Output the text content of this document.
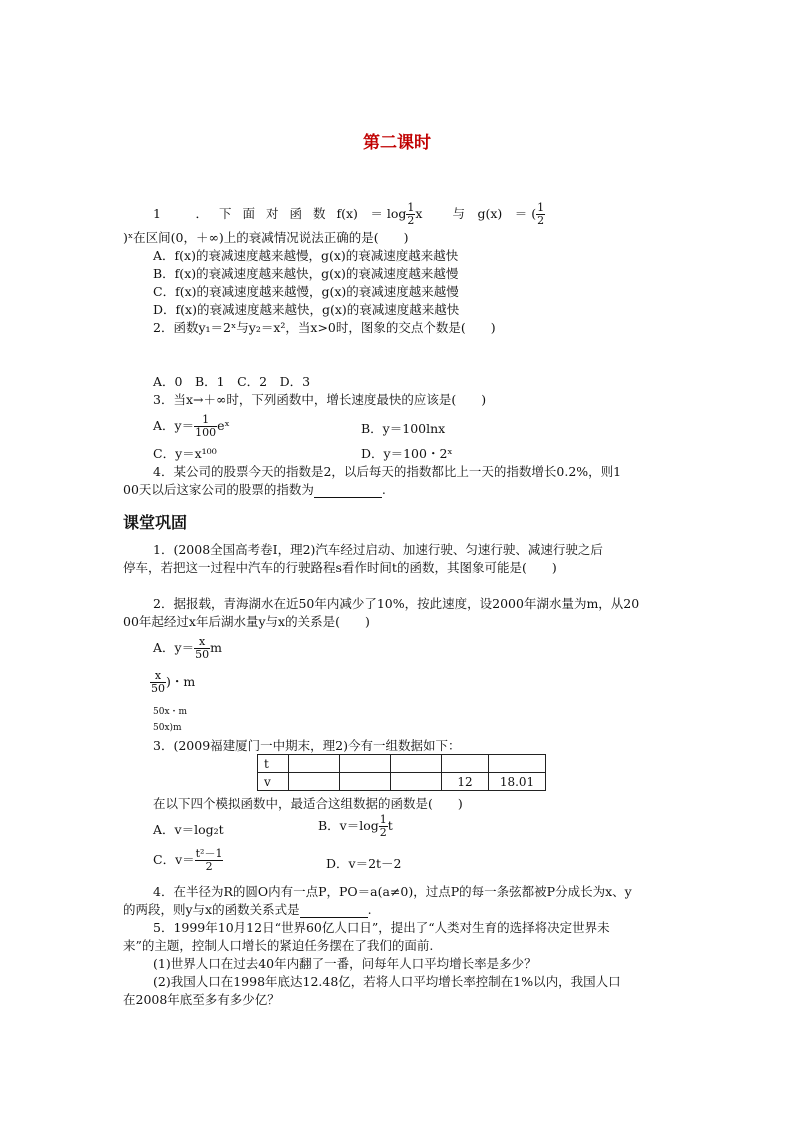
第二课时
1　．下面对函数f(x)　＝ $\log \frac{1}{2}$ x 与　g(x)　＝ ( $\frac{1}{2}$
)ˣ在区间(0，＋∞)上的衰减情况说法正确的是(　　)
A．f(x)的衰减速度越来越慢，g(x)的衰减速度越来越快
B．f(x)的衰减速度越来越快，g(x)的衰减速度越来越慢
C．f(x)的衰减速度越来越慢，g(x)的衰减速度越来越慢
D．f(x)的衰减速度越来越快，g(x)的衰减速度越来越快
2．函数y₁＝2ˣ与y₂＝x²，当x>0时，图象的交点个数是(　　)
A．0　B．1　C．2　D．3
3．当x→＋∞时，下列函数中，增长速度最快的应该是(　　)
A．$y= \frac{1}{100}$ eˣ	B．y＝100lnx
C．y＝x¹⁰⁰	D．y＝100・2ˣ
4．某公司的股票今天的指数是2，以后每天的指数都比上一天的指数增长0.2%，则1
00天以后这家公司的股票的指数为	.
课堂巩固
1．(2008全国高考卷Ⅰ，理2)汽车经过启动、加速行驶、匀速行驶、减速行驶之后
停车，若把这一过程中汽车的行驶路程s看作时间t的函数，其图象可能是(　　)
2．据报载，青海湖水在近50年内减少了10%，按此速度，设2000年湖水量为m，从20
00年起经过x年后湖水量y与x的关系是(　　)
A．$y= \frac{x}{50}$ m
$\frac{x}{50}$ )・m
50x・m
50x)m
3．(2009福建厦门一中期末，理2)今有一组数据如下：
t					
v				12	18.01
在以下四个模拟函数中，最适合这组数据的函数是(　　)
A．v＝log₂t	B．$v=\log \frac{1}{2}$ t
C．$v= \frac{\text{t²－1}}{2}$	D．v＝2t－2
4．在半径为R的圆O内有一点P，PO＝a(a≠0)，过点P的每一条弦都被P分成长为x、y
的两段，则y与x的函数关系式是	.
5．1999年10月12日“世界60亿人口日”，提出了“人类对生育的选择将决定世界未
来”的主题，控制人口增长的紧迫任务摆在了我们的面前.
(1)世界人口在过去40年内翻了一番，问每年人口平均增长率是多少？
(2)我国人口在1998年底达12.48亿，若将人口平均增长率控制在1%以内，我国人口
在2008年底至多有多少亿？
